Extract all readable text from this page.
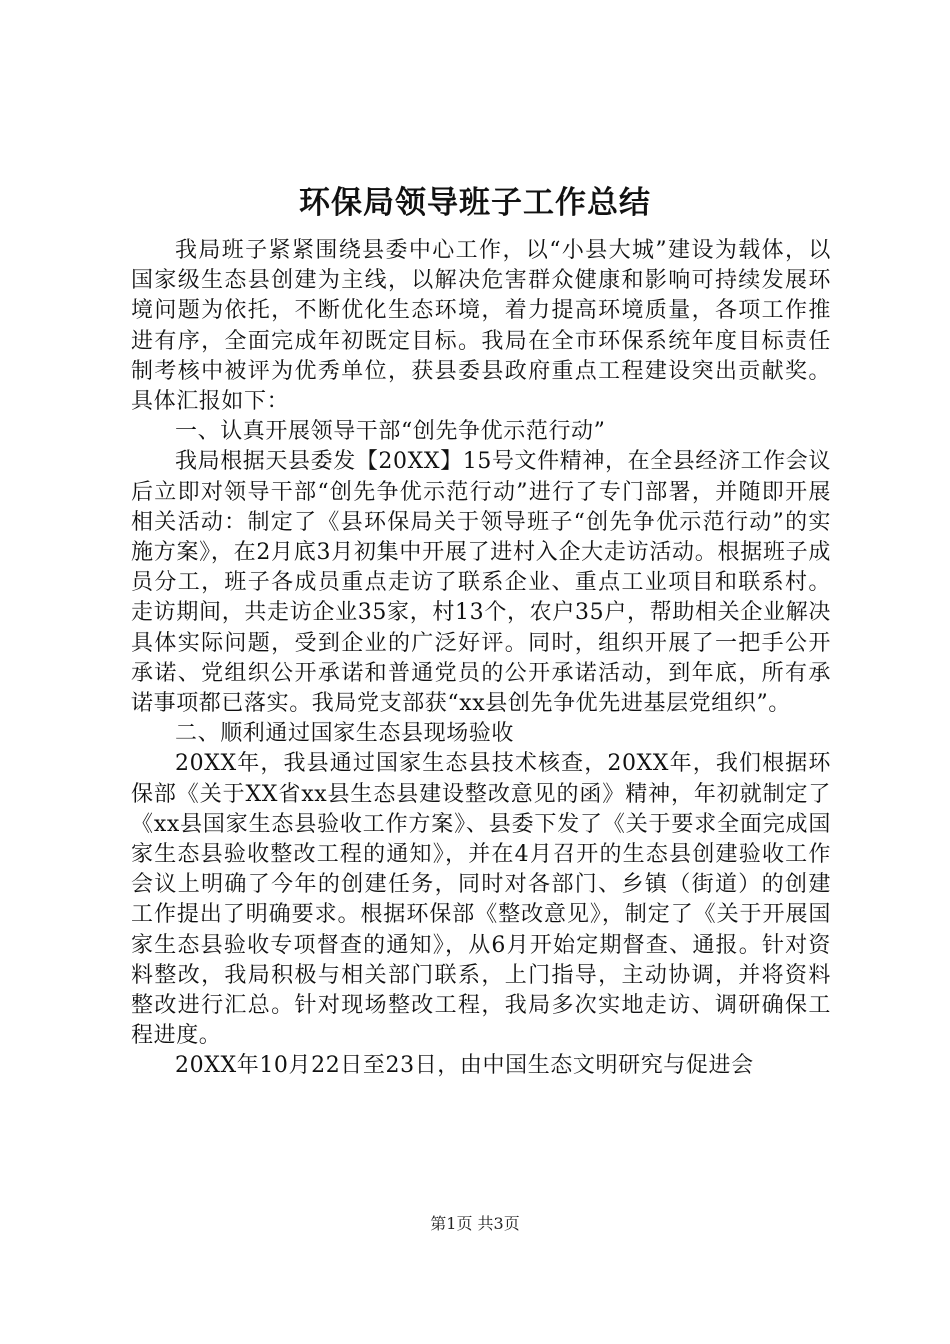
环保局领导班子工作总结

我局班子紧紧围绕县委中心工作，以“小县大城”建设为载体，以国家级生态县创建为主线，以解决危害群众健康和影响可持续发展环境问题为依托，不断优化生态环境，着力提高环境质量，各项工作推进有序，全面完成年初既定目标。我局在全市环保系统年度目标责任制考核中被评为优秀单位，获县委县政府重点工程建设突出贡献奖。具体汇报如下：

一、认真开展领导干部“创先争优示范行动”

我局根据天县委发【20XX】15号文件精神，在全县经济工作会议后立即对领导干部“创先争优示范行动”进行了专门部署，并随即开展相关活动：制定了《县环保局关于领导班子“创先争优示范行动”的实施方案》，在2月底3月初集中开展了进村入企大走访活动。根据班子成员分工，班子各成员重点走访了联系企业、重点工业项目和联系村。走访期间，共走访企业35家，村13个，农户35户，帮助相关企业解决具体实际问题，受到企业的广泛好评。同时，组织开展了一把手公开承诺、党组织公开承诺和普通党员的公开承诺活动，到年底，所有承诺事项都已落实。我局党支部获“xx县创先争优先进基层党组织”。

二、顺利通过国家生态县现场验收

20XX年，我县通过国家生态县技术核查，20XX年，我们根据环保部《关于XX省xx县生态县建设整改意见的函》精神，年初就制定了《xx县国家生态县验收工作方案》、县委下发了《关于要求全面完成国家生态县验收整改工程的通知》，并在4月召开的生态县创建验收工作会议上明确了今年的创建任务，同时对各部门、乡镇（街道）的创建工作提出了明确要求。根据环保部《整改意见》，制定了《关于开展国家生态县验收专项督查的通知》，从6月开始定期督查、通报。针对资料整改，我局积极与相关部门联系，上门指导，主动协调，并将资料整改进行汇总。针对现场整改工程，我局多次实地走访、调研确保工程进度。

20XX年10月22日至23日，由中国生态文明研究与促进会

第1页 共3页
